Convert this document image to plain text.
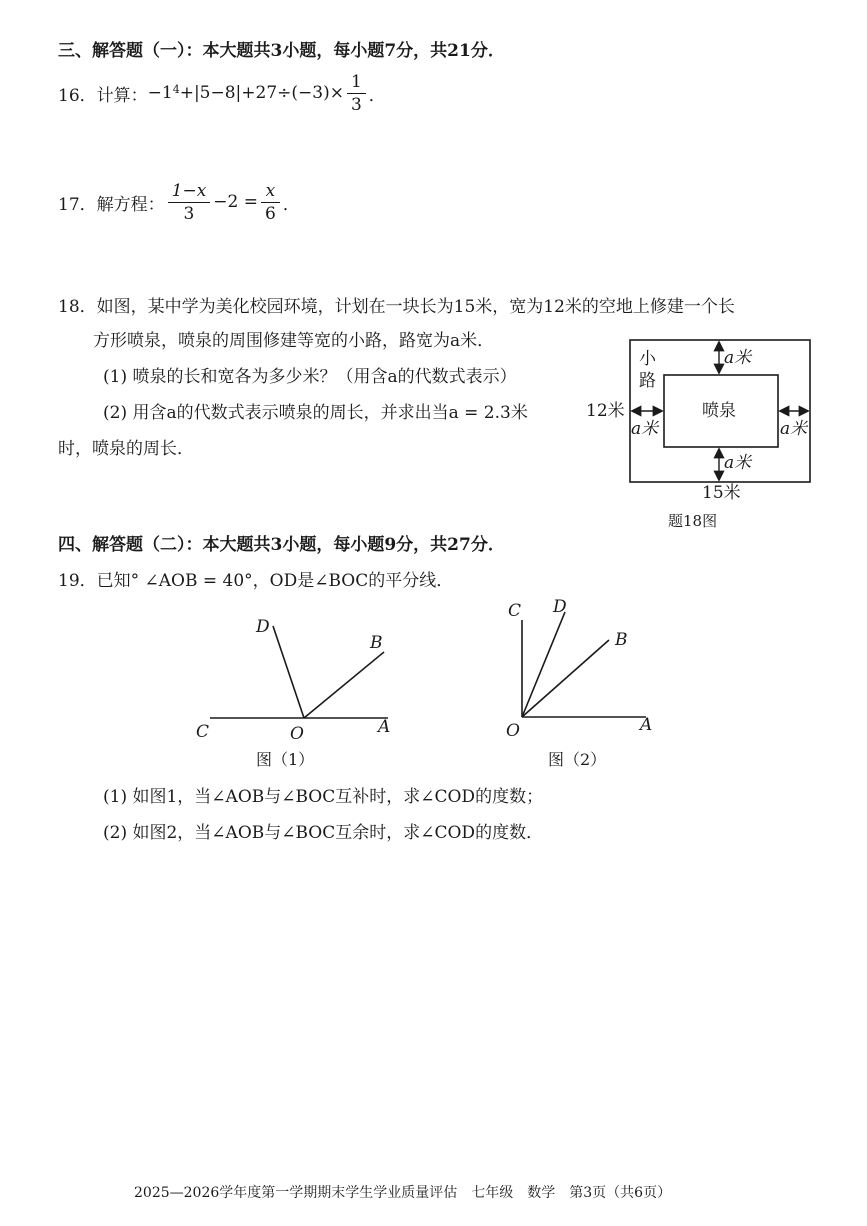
三、解答题（一）：本大题共3小题，每小题7分，共21分．
16．计算： $-1^4 +|5-8|+27\div(-3)\times \frac{1}{3}$ ．
17．解方程： $\frac{1-x}{3} -2 = \frac{x}{6}$ ．
18．如图，某中学为美化校园环境，计划在一块长为15米，宽为12米的空地上修建一个长
方形喷泉，喷泉的周围修建等宽的小路，路宽为a米．
(1) 喷泉的长和宽各为多少米？（用含a的代数式表示）
(2) 用含a的代数式表示喷泉的周长，并求出当a = 2.3米
时，喷泉的周长．
小
路
a米
a米
a米	a米
12米
15米
喷泉
题18图
四、解答题（二）：本大题共3小题，每小题9分，共27分．
19．已知° ∠AOB = 40°，OD是∠BOC的平分线．
D
B
C	O	A
图（1）
C D
B
O	A
图（2）
(1) 如图1，当∠AOB与∠BOC互补时，求∠COD的度数；
(2) 如图2，当∠AOB与∠BOC互余时，求∠COD的度数．
2025—2026学年度第一学期期末学生学业质量评估　七年级　数学　第3页（共6页）
